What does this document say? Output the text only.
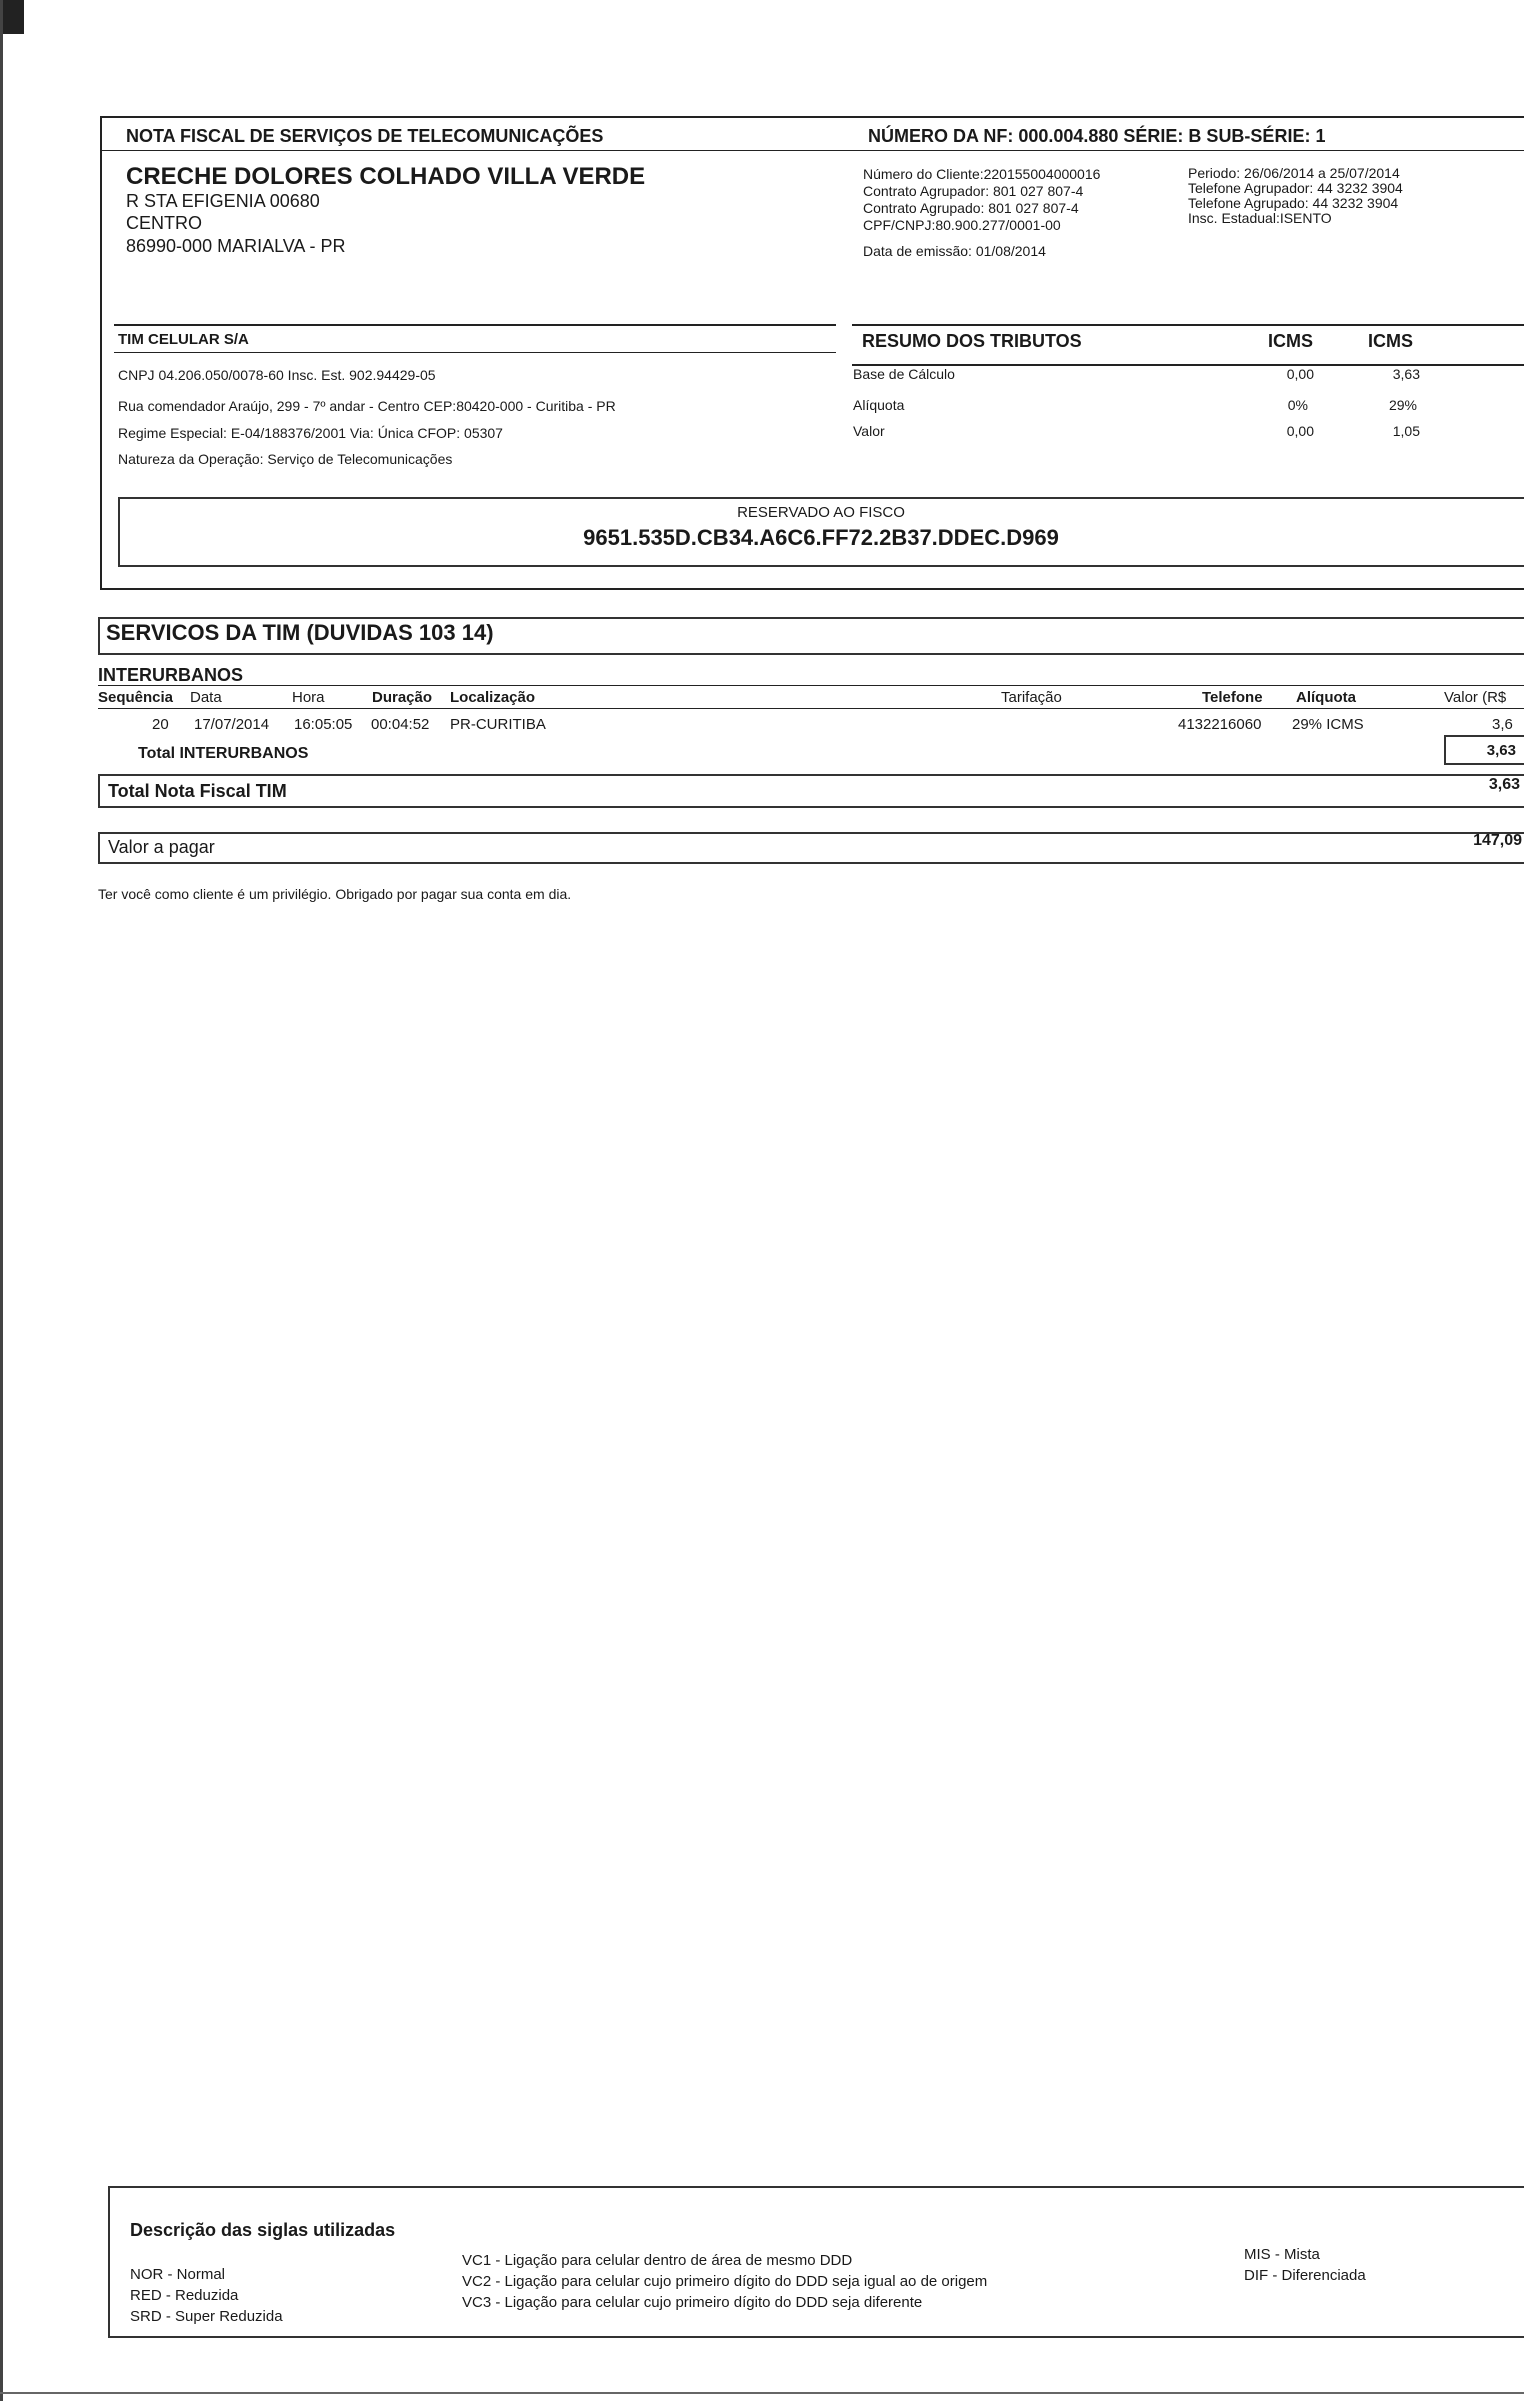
NOTA FISCAL DE SERVIÇOS DE TELECOMUNICAÇÕES	NÚMERO DA NF: 000.004.880 SÉRIE: B SUB-SÉRIE: 1
CRECHE DOLORES COLHADO VILLA VERDE
R STA EFIGENIA 00680
CENTRO
86990-000 MARIALVA - PR
Número do Cliente:220155004000016
Contrato Agrupador: 801 027 807-4
Contrato Agrupado: 801 027 807-4
CPF/CNPJ:80.900.277/0001-00
Data de emissão: 01/08/2014
Periodo: 26/06/2014 a 25/07/2014
Telefone Agrupador: 44 3232 3904
Telefone Agrupado: 44 3232 3904
Insc. Estadual:ISENTO
TIM CELULAR S/A
CNPJ 04.206.050/0078-60 Insc. Est. 902.94429-05
Rua comendador Araújo, 299 - 7º andar - Centro CEP:80420-000 - Curitiba - PR
Regime Especial: E-04/188376/2001 Via: Única CFOP: 05307
Natureza da Operação: Serviço de Telecomunicações
RESUMO DOS TRIBUTOS	ICMS	ICMS
Base de Cálculo	0,00	3,63
Alíquota	0%	29%
Valor	0,00	1,05
RESERVADO AO FISCO
9651.535D.CB34.A6C6.FF72.2B37.DDEC.D969
SERVICOS DA TIM (DUVIDAS 103 14)
INTERURBANOS
Sequência Data	Hora	Duração Localização	Tarifação	Telefone Alíquota	Valor (R$
20 17/07/2014 16:05:05 00:04:52 PR-CURITIBA	4132216060 29% ICMS	3,6
Total INTERURBANOS	3,63
Total Nota Fiscal TIM	3,63
Valor a pagar	147,09
Ter você como cliente é um privilégio. Obrigado por pagar sua conta em dia.
Descrição das siglas utilizadas
NOR - Normal
RED - Reduzida
SRD - Super Reduzida
VC1 - Ligação para celular dentro de área de mesmo DDD
VC2 - Ligação para celular cujo primeiro dígito do DDD seja igual ao de origem
VC3 - Ligação para celular cujo primeiro dígito do DDD seja diferente
MIS - Mista
DIF - Diferenciada
